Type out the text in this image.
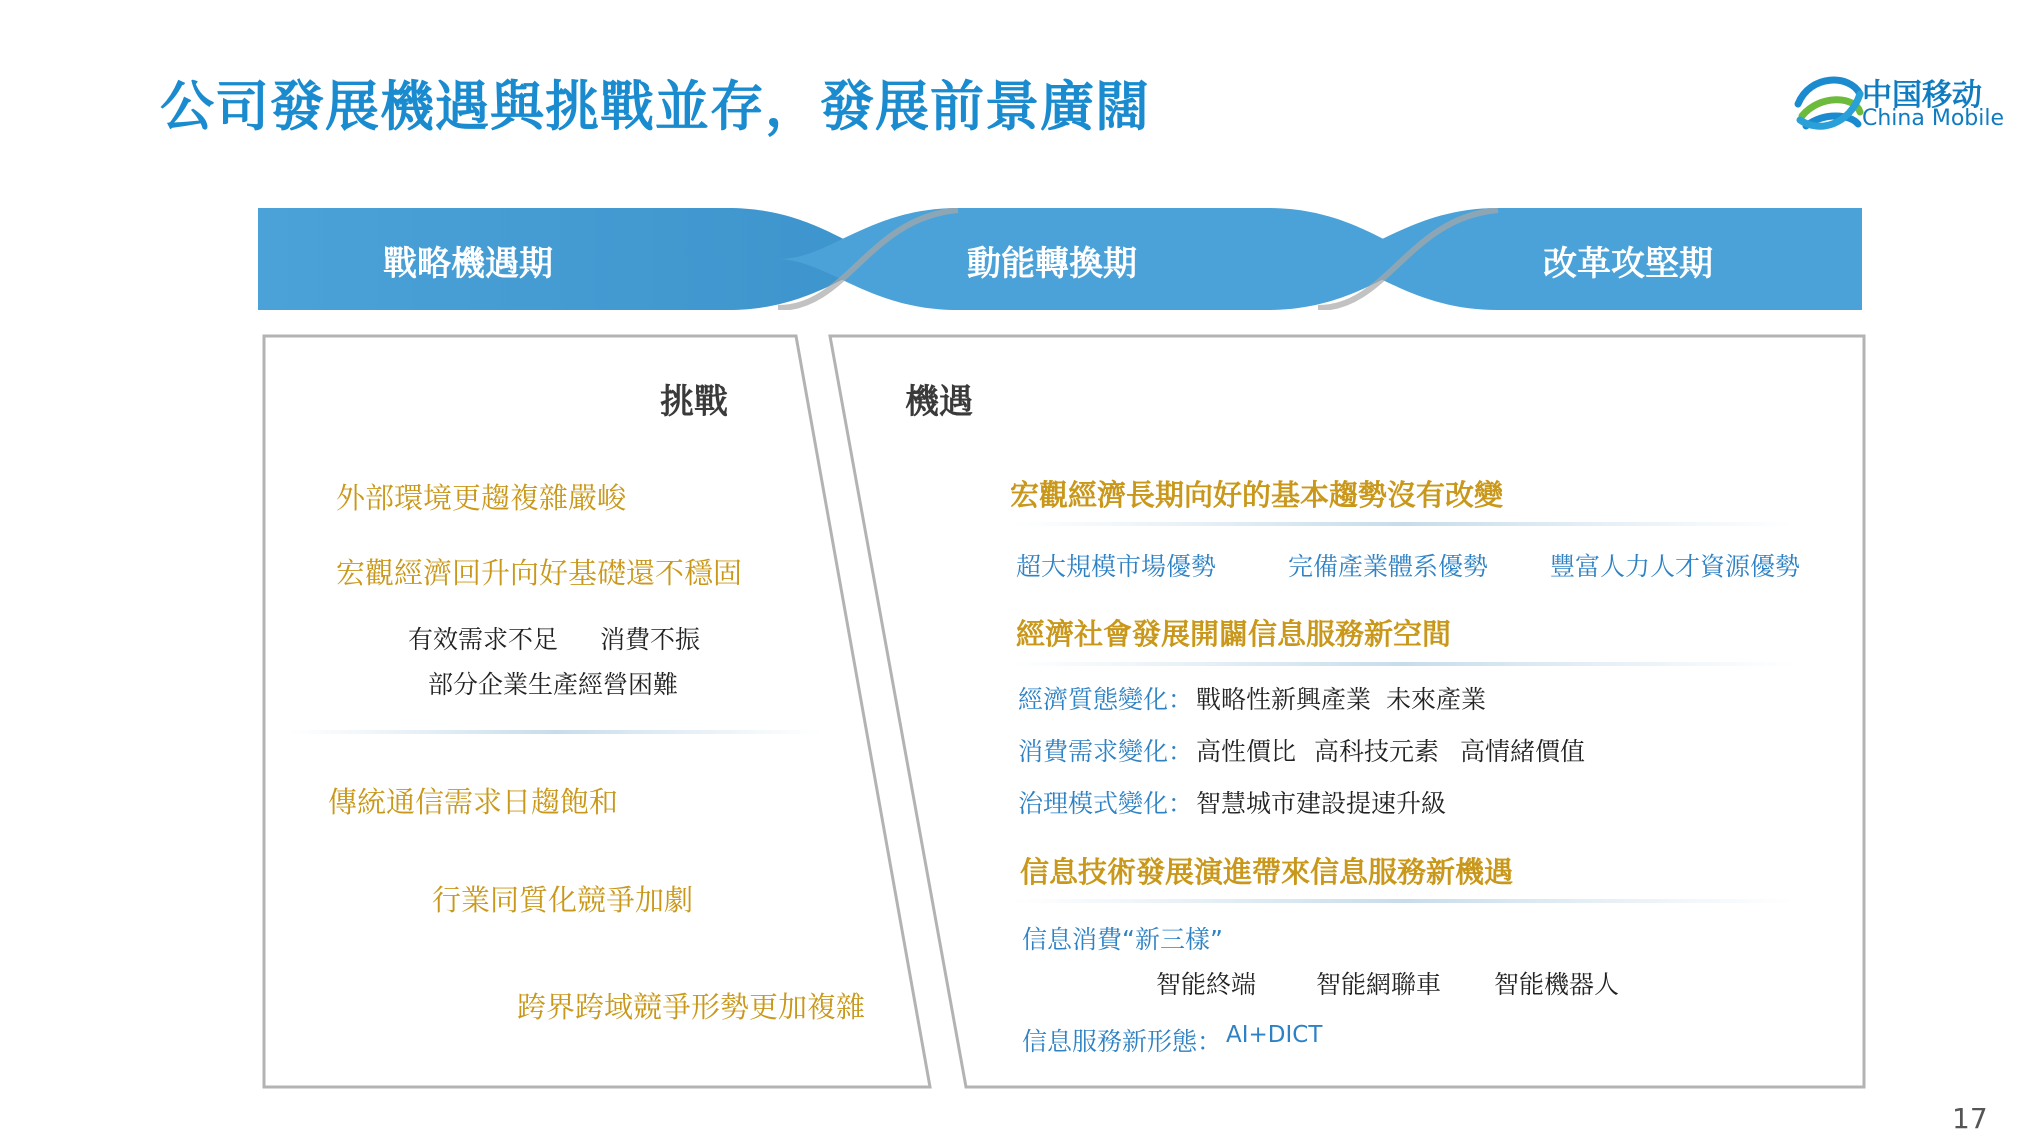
公司發展機遇與挑戰並存，發展前景廣闊	中国移动
China Mobile
戰略機遇期	動能轉換期	改革攻堅期
挑戰
外部環境更趨複雜嚴峻
宏觀經濟回升向好基礎還不穩固
有效需求不足 消費不振
部分企業生產經營困難
傳統通信需求日趨飽和
行業同質化競爭加劇
跨界跨域競爭形勢更加複雜
機遇
宏觀經濟長期向好的基本趨勢沒有改變
超大規模市場優勢	完備產業體系優勢 豐富人力人才資源優勢
經濟社會發展開闢信息服務新空間
經濟質態變化： 戰略性新興產業 未來產業
消費需求變化： 高性價比 高科技元素 高情緒價值
治理模式變化： 智慧城市建設提速升級
信息技術發展演進帶來信息服務新機遇
信息消費“新三樣”
智能終端 智能網聯車 智能機器人
信息服務新形態： AI+DICT
17
